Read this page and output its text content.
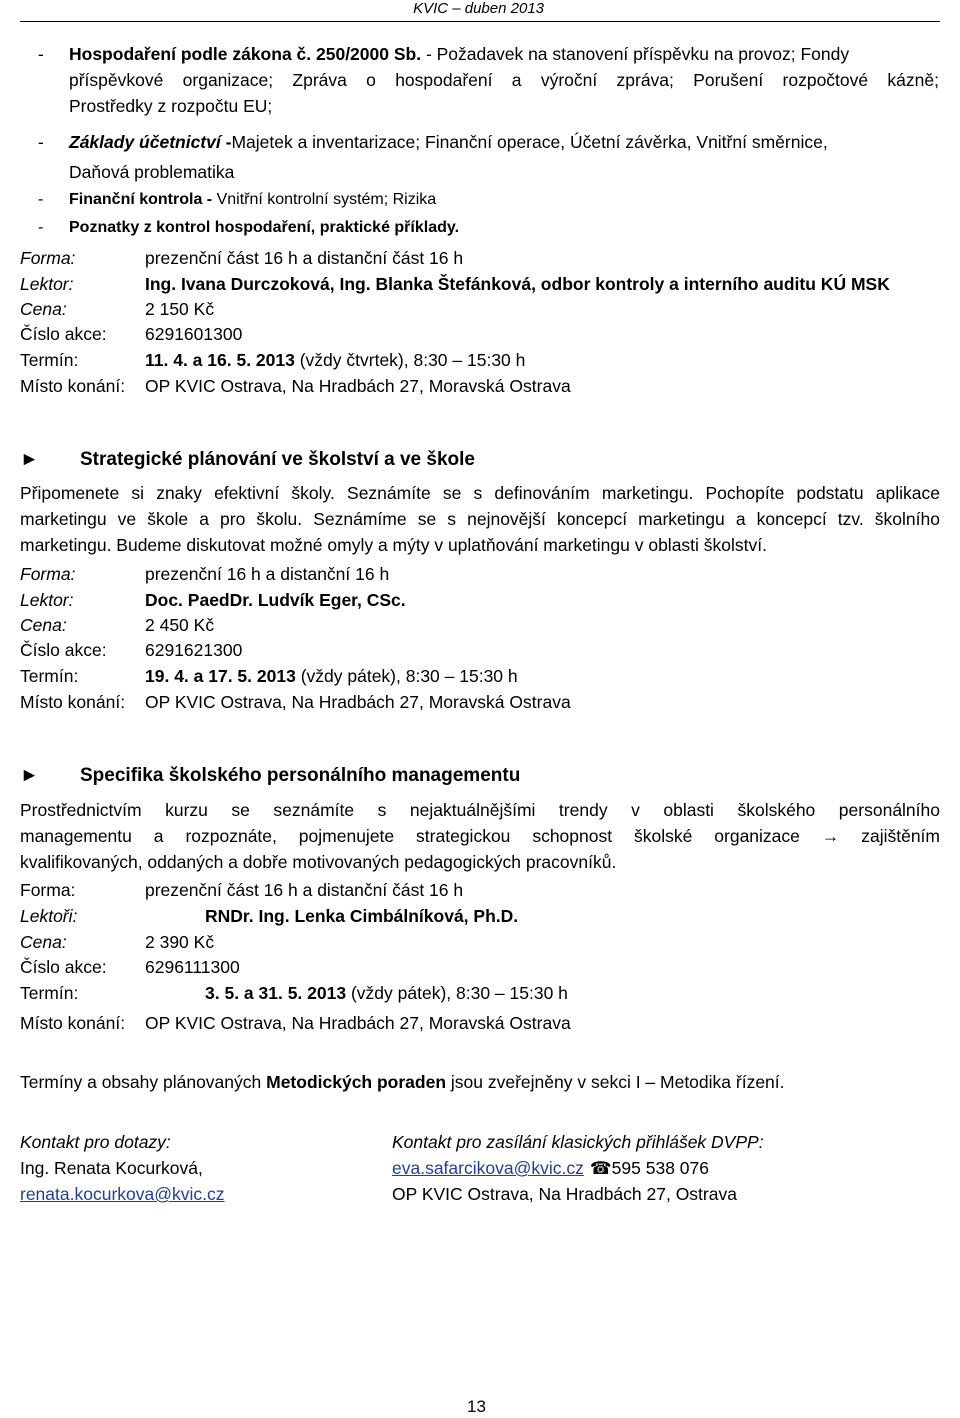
KVIC – duben 2013
- Hospodaření podle zákona č. 250/2000 Sb. - Požadavek na stanovení příspěvku na provoz; Fondy
příspěvkové organizace; Zpráva o hospodaření a výroční zpráva; Porušení rozpočtové kázně;
Prostředky z rozpočtu EU;
- Základy účetnictví -Majetek a inventarizace; Finanční operace, Účetní závěrka, Vnitřní směrnice,
Daňová problematika
- Finanční kontrola - Vnitřní kontrolní systém; Rizika
- Poznatky z kontrol hospodaření, praktické příklady.
Forma:	prezenční část 16 h a distanční část 16 h
Lektor:	Ing. Ivana Durczoková, Ing. Blanka Štefánková, odbor kontroly a interního auditu KÚ MSK
Cena:	2 150 Kč
Číslo akce: 6291601300
Termín:	11. 4. a 16. 5. 2013 (vždy čtvrtek), 8:30 – 15:30 h
Místo konání: OP KVIC Ostrava, Na Hradbách 27, Moravská Ostrava
► Strategické plánování ve školství a ve škole
Připomenete si znaky efektivní školy. Seznámíte se s definováním marketingu. Pochopíte podstatu aplikace
marketingu ve škole a pro školu. Seznámíme se s nejnovější koncepcí marketingu a koncepcí tzv. školního
marketingu. Budeme diskutovat možné omyly a mýty v uplatňování marketingu v oblasti školství.
Forma:	prezenční 16 h a distanční 16 h
Lektor:	Doc. PaedDr. Ludvík Eger, CSc.
Cena:	2 450 Kč
Číslo akce: 6291621300
Termín:	19. 4. a 17. 5. 2013 (vždy pátek), 8:30 – 15:30 h
Místo konání: OP KVIC Ostrava, Na Hradbách 27, Moravská Ostrava
► Specifika školského personálního managementu
Prostřednictvím kurzu se seznámíte s nejaktuálnějšími trendy v oblasti školského personálního
managementu a rozpoznáte, pojmenujete strategickou schopnost školské organizace → zajištěním
kvalifikovaných, oddaných a dobře motivovaných pedagogických pracovníků.
Forma:	prezenční část 16 h a distanční část 16 h
Lektoři:	RNDr. Ing. Lenka Cimbálníková, Ph.D.
Cena:	2 390 Kč
Číslo akce: 6296111300
Termín:	3. 5. a 31. 5. 2013 (vždy pátek), 8:30 – 15:30 h
Místo konání: OP KVIC Ostrava, Na Hradbách 27, Moravská Ostrava
Termíny a obsahy plánovaných Metodických poraden jsou zveřejněny v sekci I – Metodika řízení.
Kontakt pro dotazy:
Ing. Renata Kocurková,
renata.kocurkova@kvic.cz
Kontakt pro zasílání klasických přihlášek DVPP:
eva.safarcikova@kvic.cz ☎595 538 076
OP KVIC Ostrava, Na Hradbách 27, Ostrava
13
